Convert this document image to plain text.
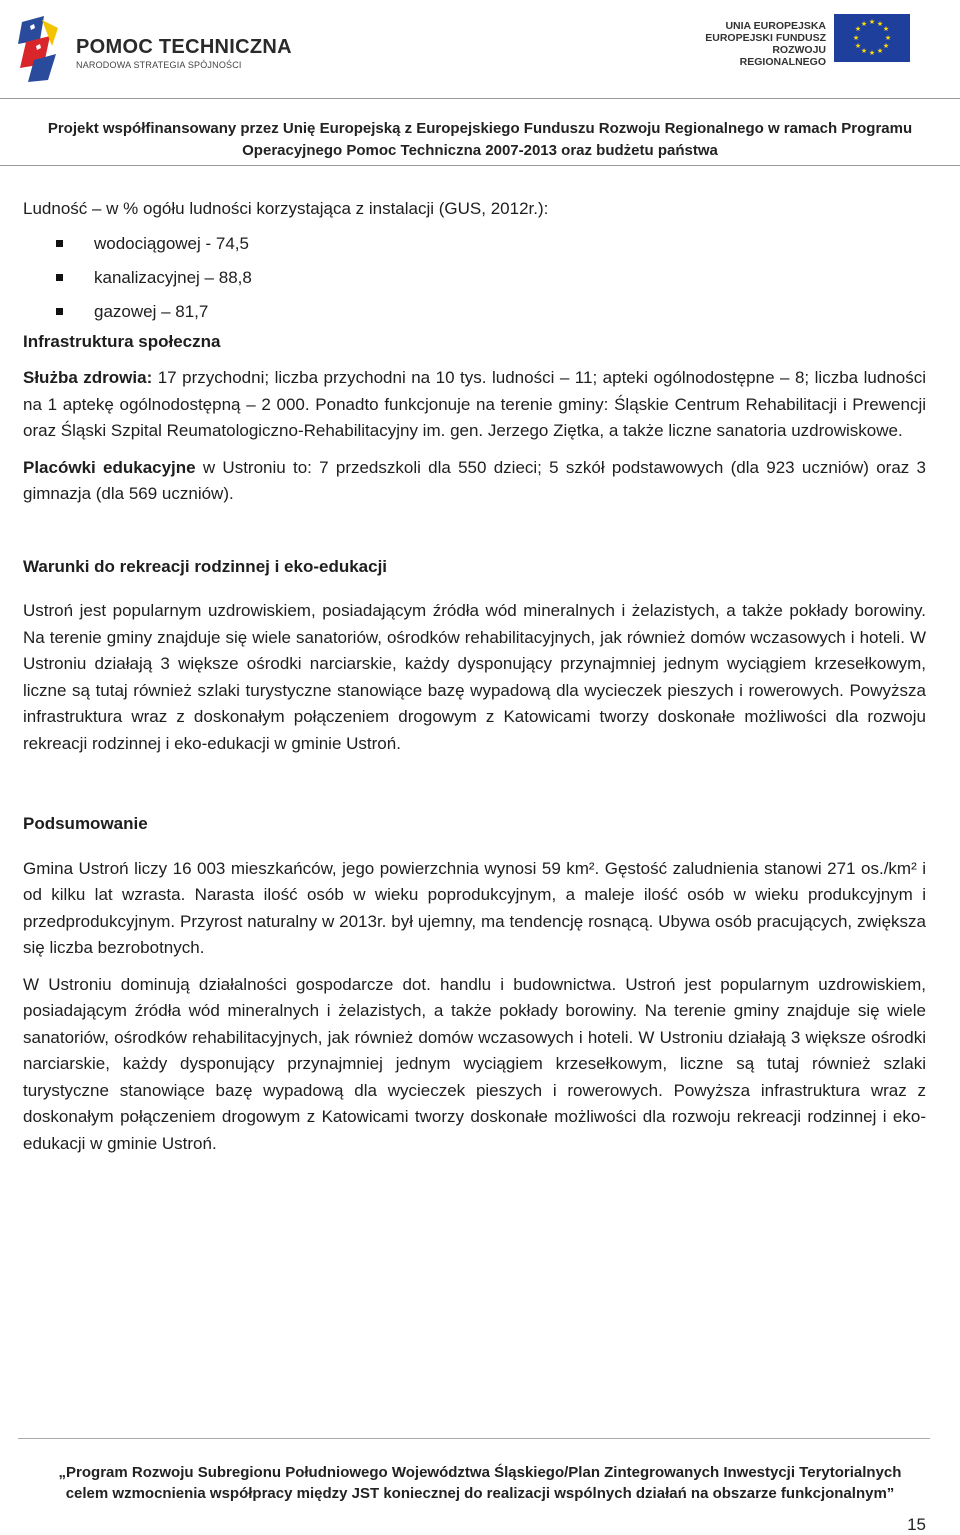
POMOC TECHNICZNA
NARODOWA STRATEGIA SPÓJNOŚCI
UNIA EUROPEJSKA
EUROPEJSKI FUNDUSZ
ROZWOJU REGIONALNEGO
★ ★
★
★
★
★
★
★
★
★
★
★
Projekt współfinansowany przez Unię Europejską z Europejskiego Funduszu Rozwoju Regionalnego w ramach Programu
Operacyjnego Pomoc Techniczna 2007-2013 oraz budżetu państwa

Ludność – w % ogółu ludności korzystająca z instalacji (GUS, 2012r.):

wodociągowej - 74,5
kanalizacyjnej – 88,8
gazowej – 81,7

Infrastruktura społeczna

Służba zdrowia: 17 przychodni; liczba przychodni na 10 tys. ludności – 11; apteki ogólnodostępne – 8; liczba ludności na 1 aptekę ogólnodostępną – 2 000. Ponadto funkcjonuje na terenie gminy: Śląskie Centrum Rehabilitacji i Prewencji oraz Śląski Szpital Reumatologiczno-Rehabilitacyjny im. gen. Jerzego Ziętka, a także liczne sanatoria uzdrowiskowe.

Placówki edukacyjne w Ustroniu to: 7 przedszkoli dla 550 dzieci; 5 szkół podstawowych (dla 923 uczniów) oraz 3 gimnazja (dla 569 uczniów).

Warunki do rekreacji rodzinnej i eko-edukacji

Ustroń jest popularnym uzdrowiskiem, posiadającym źródła wód mineralnych i żelazistych, a także pokłady borowiny. Na terenie gminy znajduje się wiele sanatoriów, ośrodków rehabilitacyjnych, jak również domów wczasowych i hoteli. W Ustroniu działają 3 większe ośrodki narciarskie, każdy dysponujący przynajmniej jednym wyciągiem krzesełkowym, liczne są tutaj również szlaki turystyczne stanowiące bazę wypadową dla wycieczek pieszych i rowerowych. Powyższa infrastruktura wraz z doskonałym połączeniem drogowym z Katowicami tworzy doskonałe możliwości dla rozwoju rekreacji rodzinnej i eko-edukacji w gminie Ustroń.

Podsumowanie

Gmina Ustroń liczy 16 003 mieszkańców, jego powierzchnia wynosi 59 km². Gęstość zaludnienia stanowi 271 os./km² i od kilku lat wzrasta. Narasta ilość osób w wieku poprodukcyjnym, a maleje ilość osób w wieku produkcyjnym i przedprodukcyjnym. Przyrost naturalny w 2013r. był ujemny, ma tendencję rosnącą. Ubywa osób pracujących, zwiększa się liczba bezrobotnych.

W Ustroniu dominują działalności gospodarcze dot. handlu i budownictwa. Ustroń jest popularnym uzdrowiskiem, posiadającym źródła wód mineralnych i żelazistych, a także pokłady borowiny. Na terenie gminy znajduje się wiele sanatoriów, ośrodków rehabilitacyjnych, jak również domów wczasowych i hoteli. W Ustroniu działają 3 większe ośrodki narciarskie, każdy dysponujący przynajmniej jednym wyciągiem krzesełkowym, liczne są tutaj również szlaki turystyczne stanowiące bazę wypadową dla wycieczek pieszych i rowerowych. Powyższa infrastruktura wraz z doskonałym połączeniem drogowym z Katowicami tworzy doskonałe możliwości dla rozwoju rekreacji rodzinnej i eko-edukacji w gminie Ustroń.

„Program Rozwoju Subregionu Południowego Województwa Śląskiego/Plan Zintegrowanych Inwestycji Terytorialnych
celem wzmocnienia współpracy między JST koniecznej do realizacji wspólnych działań na obszarze funkcjonalnym”
15
